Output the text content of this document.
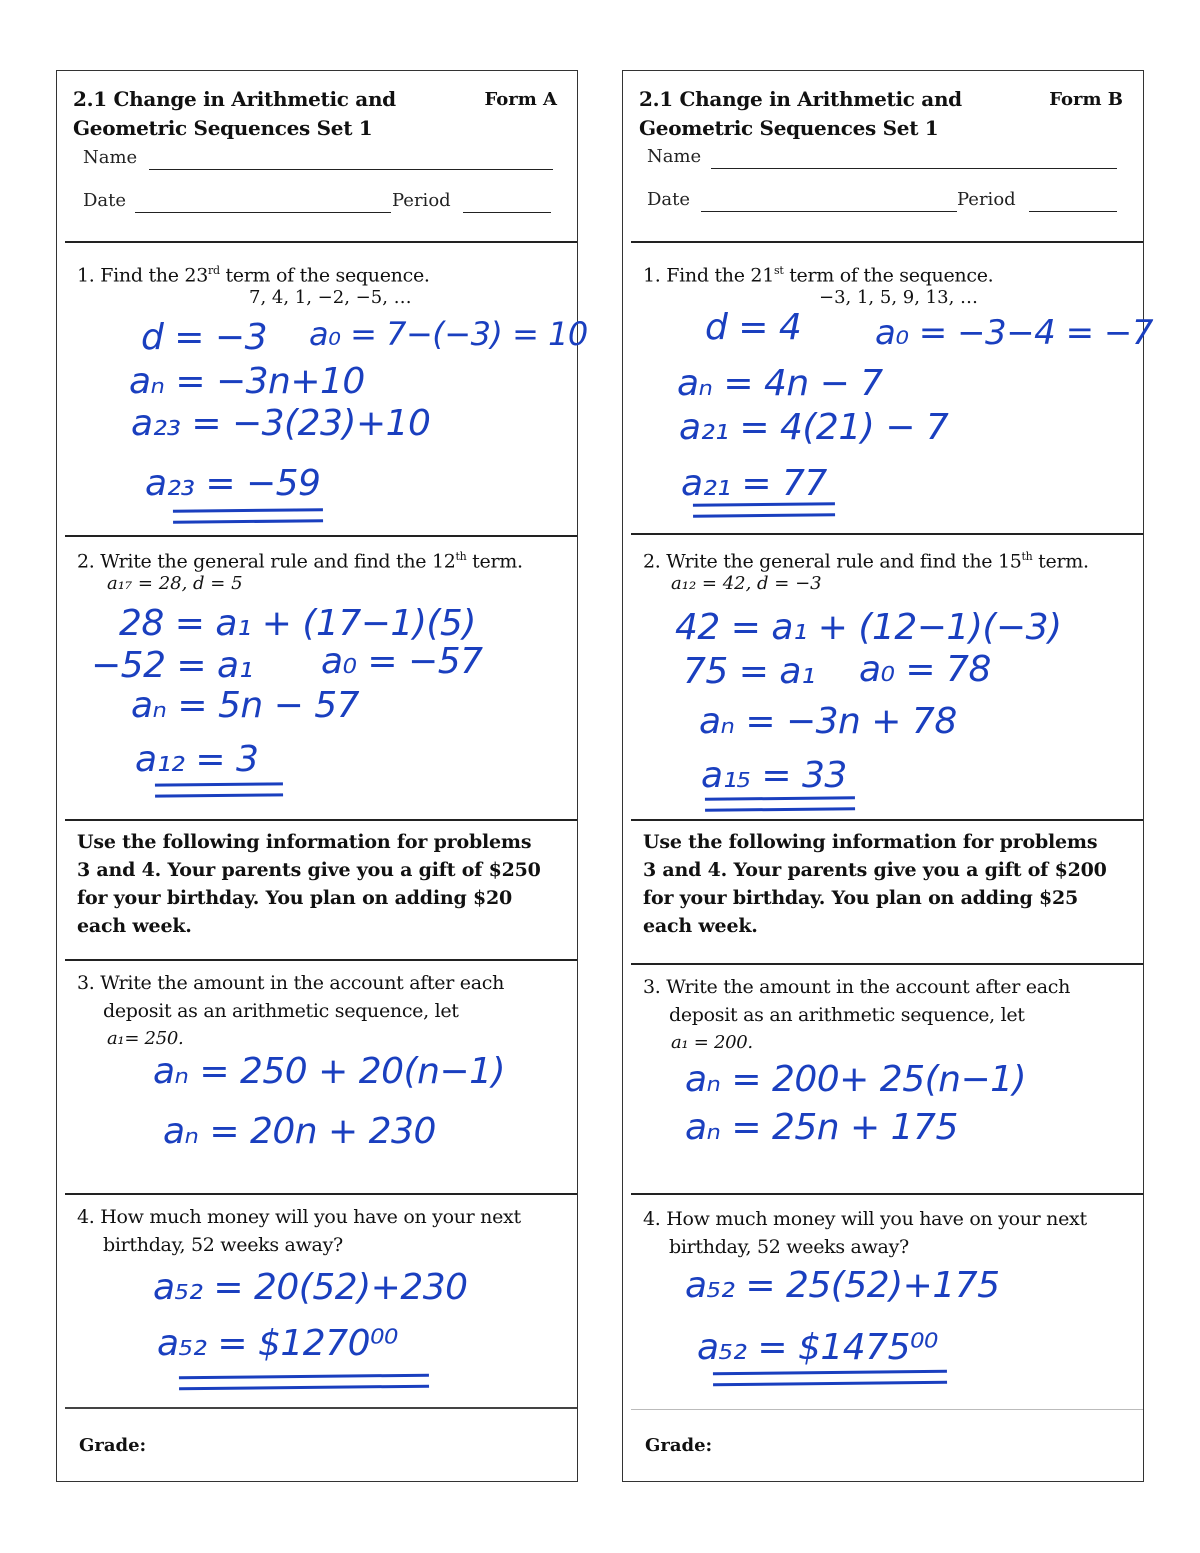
2.1 Change in Arithmetic and
Geometric Sequences Set 1
Form A
Name
Date	Period
1. Find the 23rd term of the sequence.
7, 4, 1, −2, −5, …
d = −3 a₀ = 7−(−3) = 10
aₙ = −3n+10
a₂₃ = −3(23)+10
a₂₃ = −59
2. Write the general rule and find the 12th term.
a₁₇ = 28, d = 5
28 = a₁ + (17−1)(5)
−52 = a₁ a₀ = −57
aₙ = 5n − 57
a₁₂ = 3
Use the following information for problems
3 and 4. Your parents give you a gift of $250
for your birthday. You plan on adding $20
each week.
3. Write the amount in the account after each
deposit as an arithmetic sequence, let
a₁= 250.
aₙ = 250 + 20(n−1)
aₙ = 20n + 230
4. How much money will you have on your next
birthday, 52 weeks away?
a₅₂ = 20(52)+230
a₅₂ = $1270⁰⁰
Grade:
2.1 Change in Arithmetic and
Geometric Sequences Set 1
Form B
Name
Date	Period
1. Find the 21st term of the sequence.
−3, 1, 5, 9, 13, …
d = 4 a₀ = −3−4 = −7
aₙ = 4n − 7
a₂₁ = 4(21) − 7
a₂₁ = 77
2. Write the general rule and find the 15th term.
a₁₂ = 42, d = −3
42 = a₁ + (12−1)(−3)
75 = a₁ a₀ = 78
aₙ = −3n + 78
a₁₅ = 33
Use the following information for problems
3 and 4. Your parents give you a gift of $200
for your birthday. You plan on adding $25
each week.
3. Write the amount in the account after each
deposit as an arithmetic sequence, let
a₁ = 200.
aₙ = 200+ 25(n−1)
aₙ = 25n + 175
4. How much money will you have on your next
birthday, 52 weeks away?
a₅₂ = 25(52)+175
a₅₂ = $1475⁰⁰
Grade:
